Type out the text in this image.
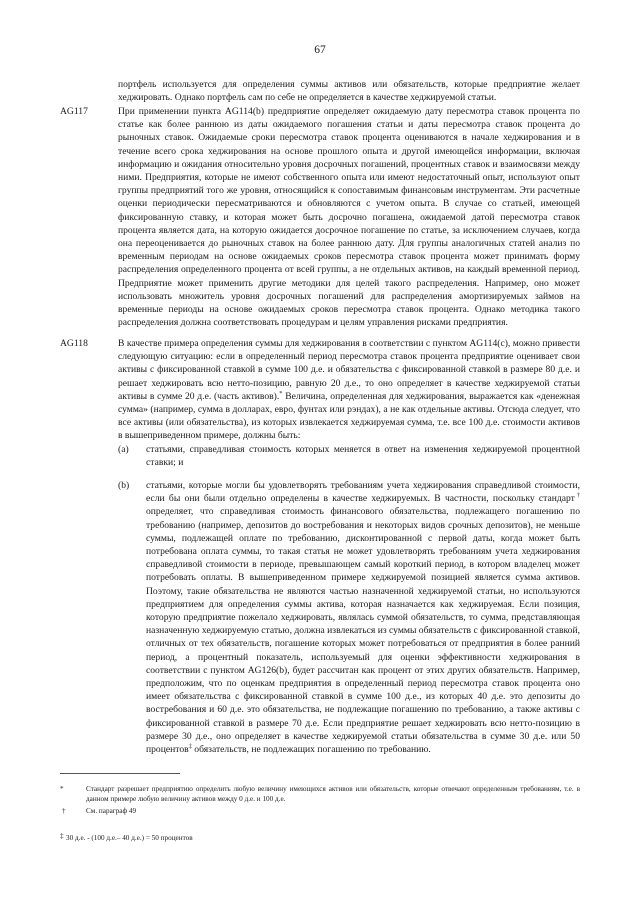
67
портфель используется для определения суммы активов или обязательств, которые предприятие желает хеджировать. Однако портфель сам по себе не определяется в качестве хеджируемой статьи.
AG117	При применении пункта AG114(b) предприятие определяет ожидаемую дату пересмотра ставок процента по статье как более раннюю из даты ожидаемого погашения статьи и даты пересмотра ставок процента до рыночных ставок. Ожидаемые сроки пересмотра ставок процента оцениваются в начале хеджирования и в течение всего срока хеджирования на основе прошлого опыта и другой имеющейся информации, включая информацию и ожидания относительно уровня досрочных погашений, процентных ставок и взаимосвязи между ними. Предприятия, которые не имеют собственного опыта или имеют недостаточный опыт, используют опыт группы предприятий того же уровня, относящийся к сопоставимым финансовым инструментам. Эти расчетные оценки периодически пересматриваются и обновляются с учетом опыта. В случае со статьей, имеющей фиксированную ставку, и которая может быть досрочно погашена, ожидаемой датой пересмотра ставок процента является дата, на которую ожидается досрочное погашение по статье, за исключением случаев, когда она переоценивается до рыночных ставок на более раннюю дату. Для группы аналогичных статей анализ по временным периодам на основе ожидаемых сроков пересмотра ставок процента может принимать форму распределения определенного процента от всей группы, а не отдельных активов, на каждый временной период. Предприятие может применить другие методики для целей такого распределения. Например, оно может использовать множитель уровня досрочных погашений для распределения амортизируемых займов на временные периоды на основе ожидаемых сроков пересмотра ставок процента. Однако методика такого распределения должна соответствовать процедурам и целям управления рисками предприятия.
AG118	В качестве примера определения суммы для хеджирования в соответствии с пунктом AG114(c), можно привести следующую ситуацию: если в определенный период пересмотра ставок процента предприятие оценивает свои активы с фиксированной ставкой в сумме 100 д.е. и обязательства с фиксированной ставкой в размере 80 д.е. и решает хеджировать всю нетто-позицию, равную 20 д.е., то оно определяет в качестве хеджируемой статьи активы в сумме 20 д.е. (часть активов).* Величина, определенная для хеджирования, выражается как «денежная сумма» (например, сумма в долларах, евро, фунтах или рэндах), а не как отдельные активы. Отсюда следует, что все активы (или обязательства), из которых извлекается хеджируемая сумма, т.е. все 100 д.е. стоимости активов в вышеприведенном примере, должны быть:
(a) статьями, справедливая стоимость которых меняется в ответ на изменения хеджируемой процентной ставки; и
(b) статьями, которые могли бы удовлетворять требованиям учета хеджирования справедливой стоимости, если бы они были отдельно определены в качестве хеджируемых. В частности, поскольку стандарт† определяет, что справедливая стоимость финансового обязательства, подлежащего погашению по требованию (например, депозитов до востребования и некоторых видов срочных депозитов), не меньше суммы, подлежащей оплате по требованию, дисконтированной с первой даты, когда может быть потребована оплата суммы, то такая статья не может удовлетворять требованиям учета хеджирования справедливой стоимости в периоде, превышающем самый короткий период, в котором владелец может потребовать оплаты. В вышеприведенном примере хеджируемой позицией является сумма активов. Поэтому, такие обязательства не являются частью назначенной хеджируемой статьи, но используются предприятием для определения суммы актива, которая назначается как хеджируемая. Если позиция, которую предприятие пожелало хеджировать, являлась суммой обязательств, то сумма, представляющая назначенную хеджируемую статью, должна извлекаться из суммы обязательств с фиксированной ставкой, отличных от тех обязательств, погашение которых может потребоваться от предприятия в более ранний период, а процентный показатель, используемый для оценки эффективности хеджирования в соответствии с пунктом AG126(b), будет рассчитан как процент от этих других обязательств. Например, предположим, что по оценкам предприятия в определенный период пересмотра ставок процента оно имеет обязательства с фиксированной ставкой в сумме 100 д.е., из которых 40 д.е. это депозиты до востребования и 60 д.е. это обязательства, не подлежащие погашению по требованию, а также активы с фиксированной ставкой в размере 70 д.е. Если предприятие решает хеджировать всю нетто-позицию в размере 30 д.е., оно определяет в качестве хеджируемой статьи обязательства в сумме 30 д.е. или 50 процентов‡ обязательств, не подлежащих погашению по требованию.
*	Стандарт разрешает предприятию определить любую величину имеющихся активов или обязательств, которые отвечают определенным требованиям, т.е. в данном примере любую величину активов между 0 д.е. и 100 д.е.
†	См. параграф 49
‡ 30 д.е. - (100 д.е.– 40 д.е.) = 50 процентов
